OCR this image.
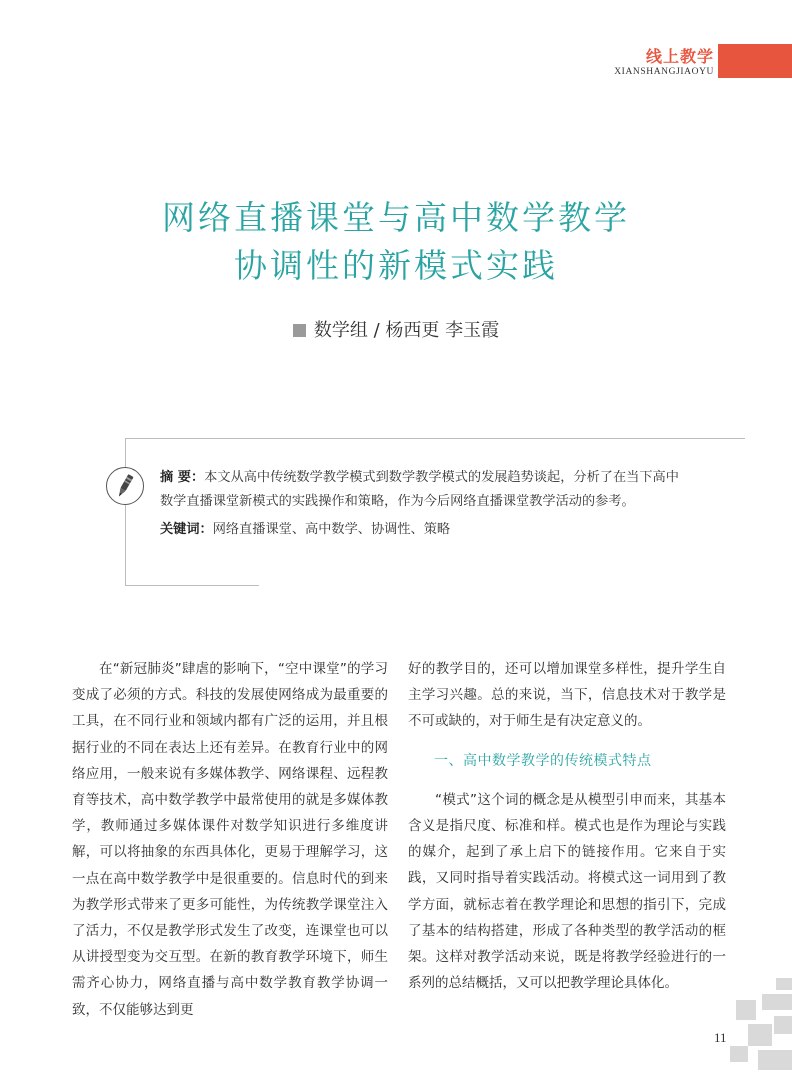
线上教学
XIANSHANGJIAOYU
网络直播课堂与高中数学教学
协调性的新模式实践
数学组 / 杨西更 李玉霞

摘 要：本文从高中传统数学教学模式到数学教学模式的发展趋势谈起，分析了在当下高中数学直播课堂新模式的实践操作和策略，作为今后网络直播课堂教学活动的参考。

关键词：网络直播课堂、高中数学、协调性、策略

在“新冠肺炎”肆虐的影响下，“空中课堂”的学习变成了必须的方式。科技的发展使网络成为最重要的工具，在不同行业和领域内都有广泛的运用，并且根据行业的不同在表达上还有差异。在教育行业中的网络应用，一般来说有多媒体教学、网络课程、远程教育等技术，高中数学教学中最常使用的就是多媒体教学，教师通过多媒体课件对数学知识进行多维度讲解，可以将抽象的东西具体化，更易于理解学习，这一点在高中数学教学中是很重要的。信息时代的到来为教学形式带来了更多可能性，为传统教学课堂注入了活力，不仅是教学形式发生了改变，连课堂也可以从讲授型变为交互型。在新的教育教学环境下，师生需齐心协力，网络直播与高中数学教育教学协调一致，不仅能够达到更

好的教学目的，还可以增加课堂多样性，提升学生自主学习兴趣。总的来说，当下，信息技术对于教学是不可或缺的，对于师生是有决定意义的。

一、高中数学教学的传统模式特点

“模式”这个词的概念是从模型引申而来，其基本含义是指尺度、标准和样。模式也是作为理论与实践的媒介，起到了承上启下的链接作用。它来自于实践，又同时指导着实践活动。将模式这一词用到了教学方面，就标志着在教学理论和思想的指引下，完成了基本的结构搭建，形成了各种类型的教学活动的框架。这样对教学活动来说，既是将教学经验进行的一系列的总结概括，又可以把教学理论具体化。

11
